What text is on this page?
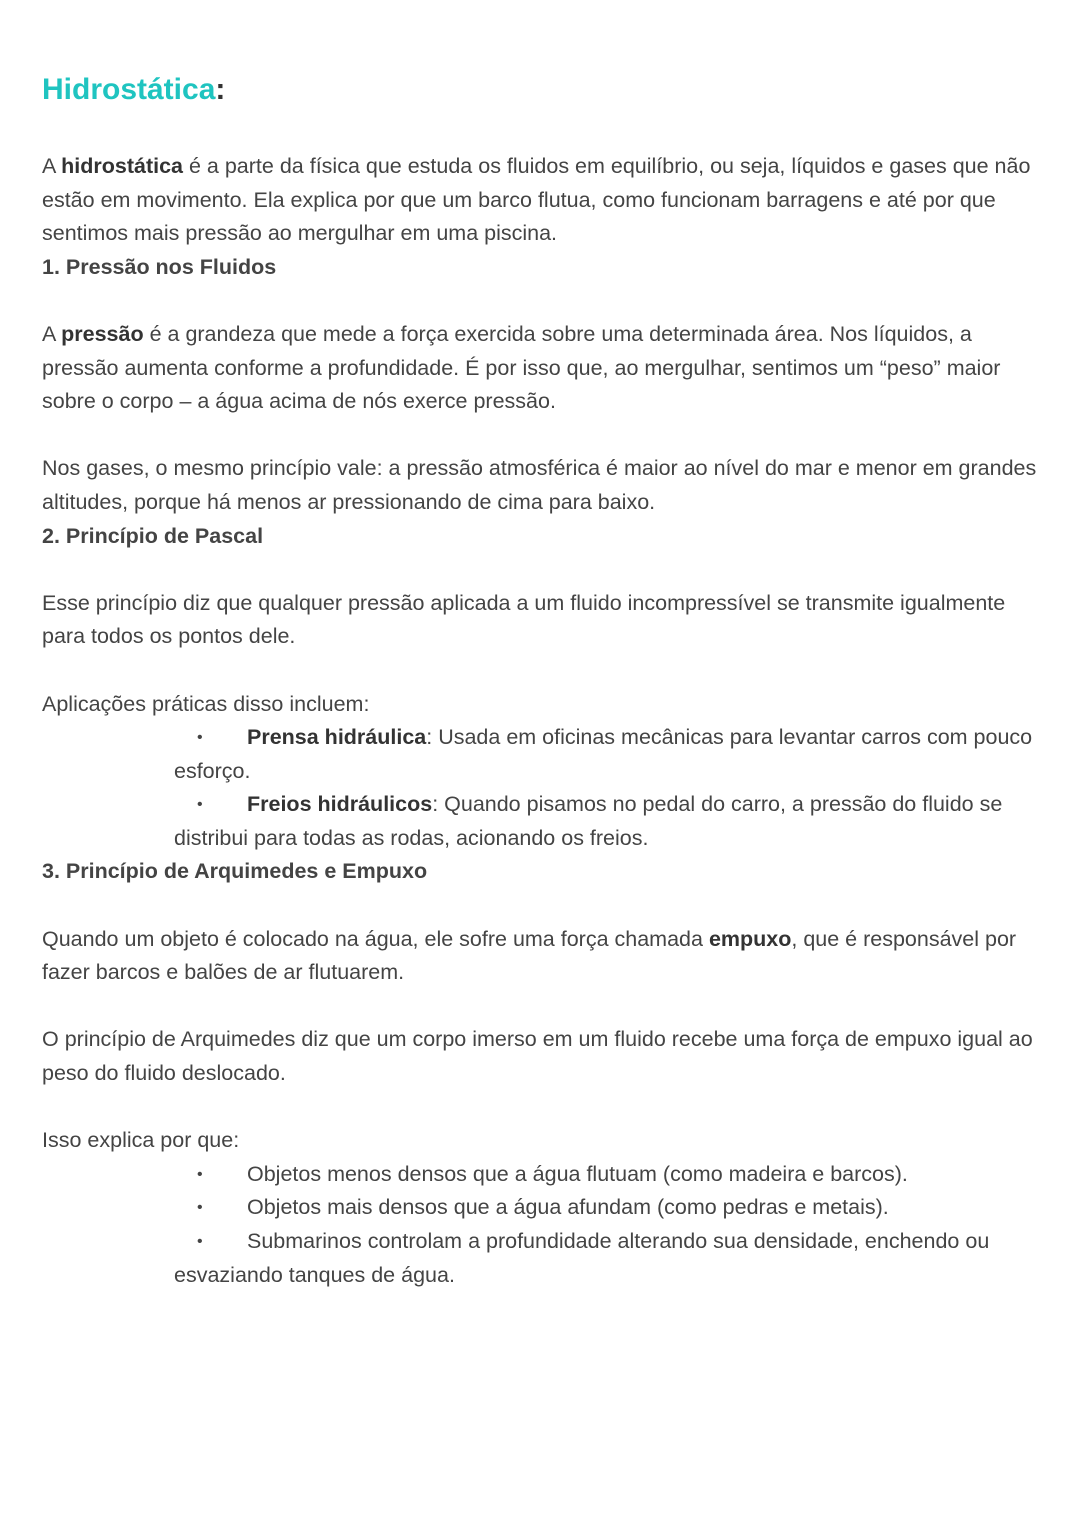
Hidrostática:

A hidrostática é a parte da física que estuda os fluidos em equilíbrio, ou seja, líquidos e gases que não estão em movimento. Ela explica por que um barco flutua, como funcionam barragens e até por que sentimos mais pressão ao mergulhar em uma piscina.

1. Pressão nos Fluidos

A pressão é a grandeza que mede a força exercida sobre uma determinada área. Nos líquidos, a pressão aumenta conforme a profundidade. É por isso que, ao mergulhar, sentimos um “peso” maior sobre o corpo – a água acima de nós exerce pressão.

Nos gases, o mesmo princípio vale: a pressão atmosférica é maior ao nível do mar e menor em grandes altitudes, porque há menos ar pressionando de cima para baixo.

2. Princípio de Pascal

Esse princípio diz que qualquer pressão aplicada a um fluido incompressível se transmite igualmente para todos os pontos dele.

Aplicações práticas disso incluem:

• Prensa hidráulica: Usada em oficinas mecânicas para levantar carros com pouco esforço.
• Freios hidráulicos: Quando pisamos no pedal do carro, a pressão do fluido se distribui para todas as rodas, acionando os freios.
3. Princípio de Arquimedes e Empuxo

Quando um objeto é colocado na água, ele sofre uma força chamada empuxo, que é responsável por fazer barcos e balões de ar flutuarem.

O princípio de Arquimedes diz que um corpo imerso em um fluido recebe uma força de empuxo igual ao peso do fluido deslocado.

Isso explica por que:

• Objetos menos densos que a água flutuam (como madeira e barcos).
• Objetos mais densos que a água afundam (como pedras e metais).
• Submarinos controlam a profundidade alterando sua densidade, enchendo ou esvaziando tanques de água.
